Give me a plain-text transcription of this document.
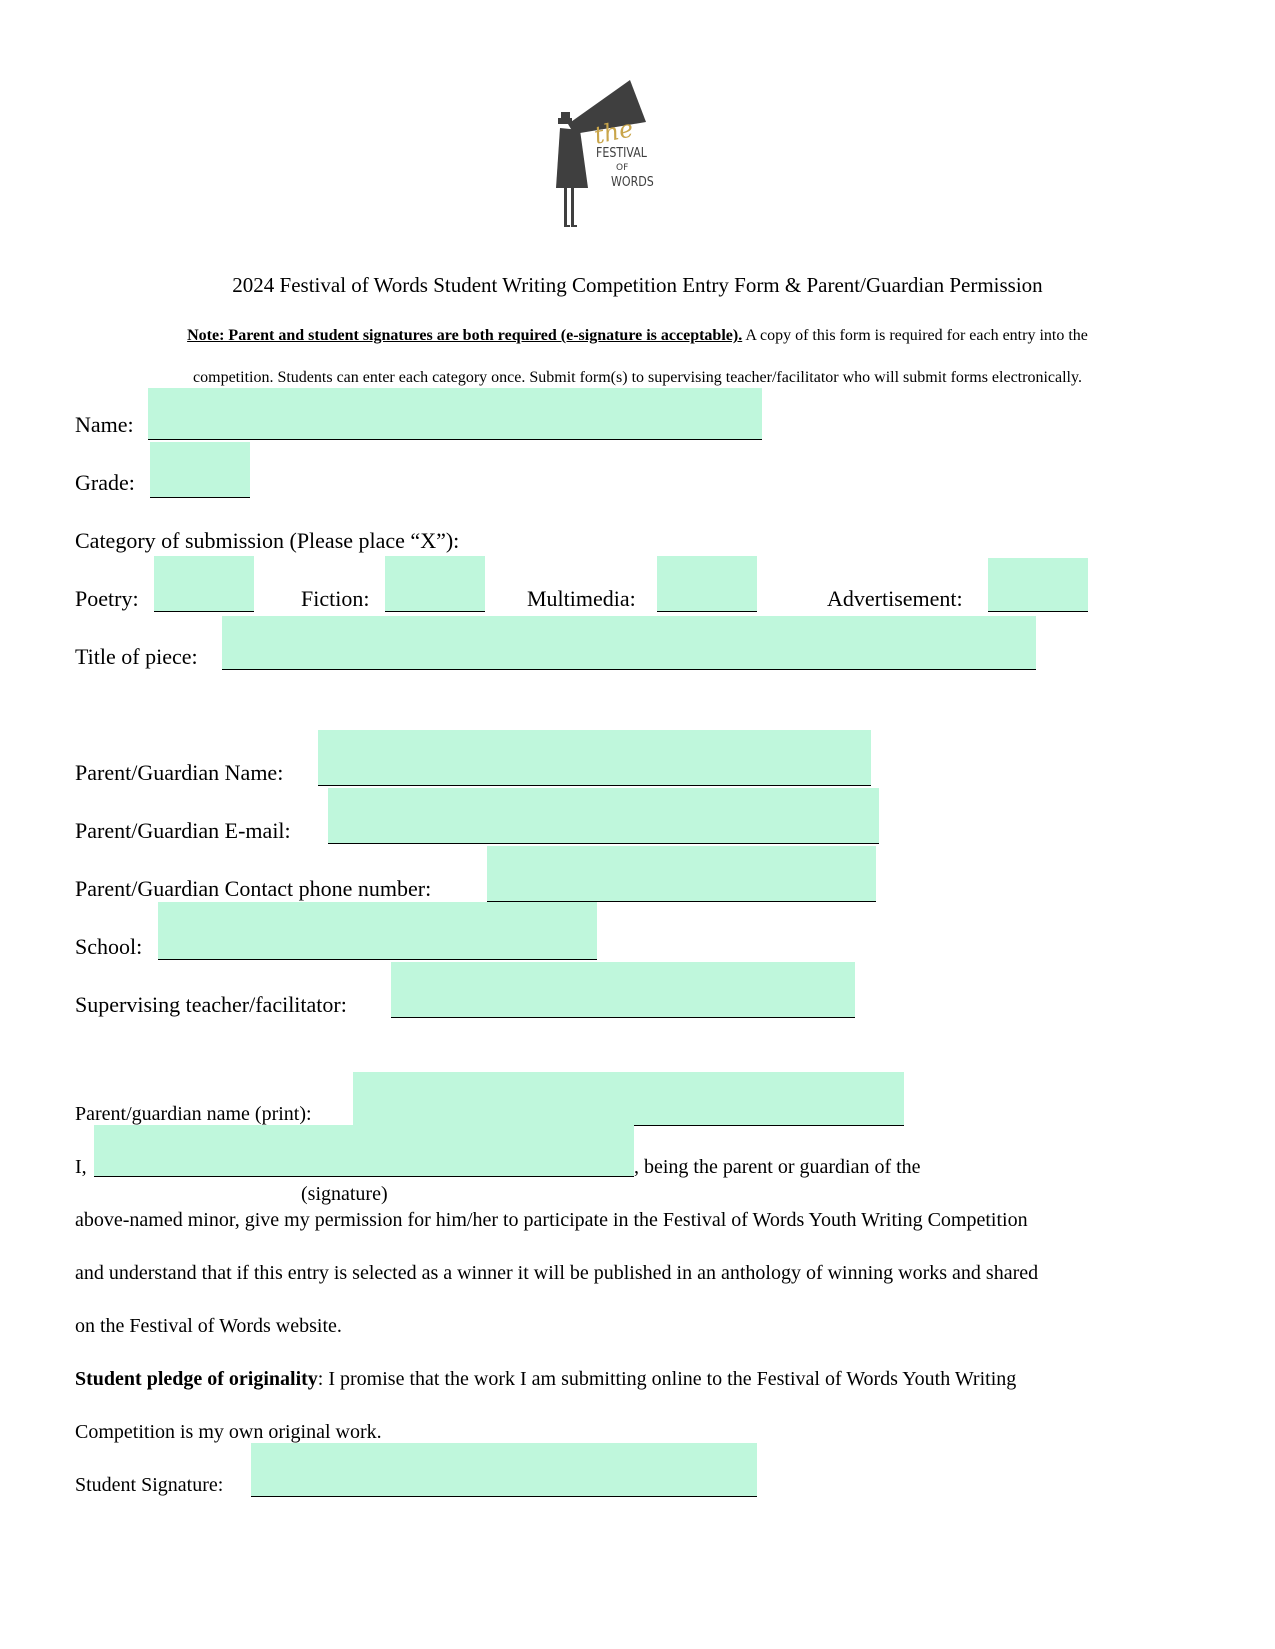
the
FESTIVAL
OF
WORDS
2024 Festival of Words Student Writing Competition Entry Form & Parent/Guardian Permission
Note: Parent and student signatures are both required (e-signature is acceptable). A copy of this form is required for each entry into the
competition. Students can enter each category once. Submit form(s) to supervising teacher/facilitator who will submit forms electronically.
Name:
Grade:
Category of submission (Please place “X”):
Poetry:	Fiction:	Multimedia:	Advertisement:
Title of piece:
Parent/Guardian Name:
Parent/Guardian E-mail:
Parent/Guardian Contact phone number:
School:
Supervising teacher/facilitator:
Parent/guardian name (print):
I,	, being the parent or guardian of the
(signature)
above-named minor, give my permission for him/her to participate in the Festival of Words Youth Writing Competition
and understand that if this entry is selected as a winner it will be published in an anthology of winning works and shared
on the Festival of Words website.
Student pledge of originality: I promise that the work I am submitting online to the Festival of Words Youth Writing
Competition is my own original work.
Student Signature:
